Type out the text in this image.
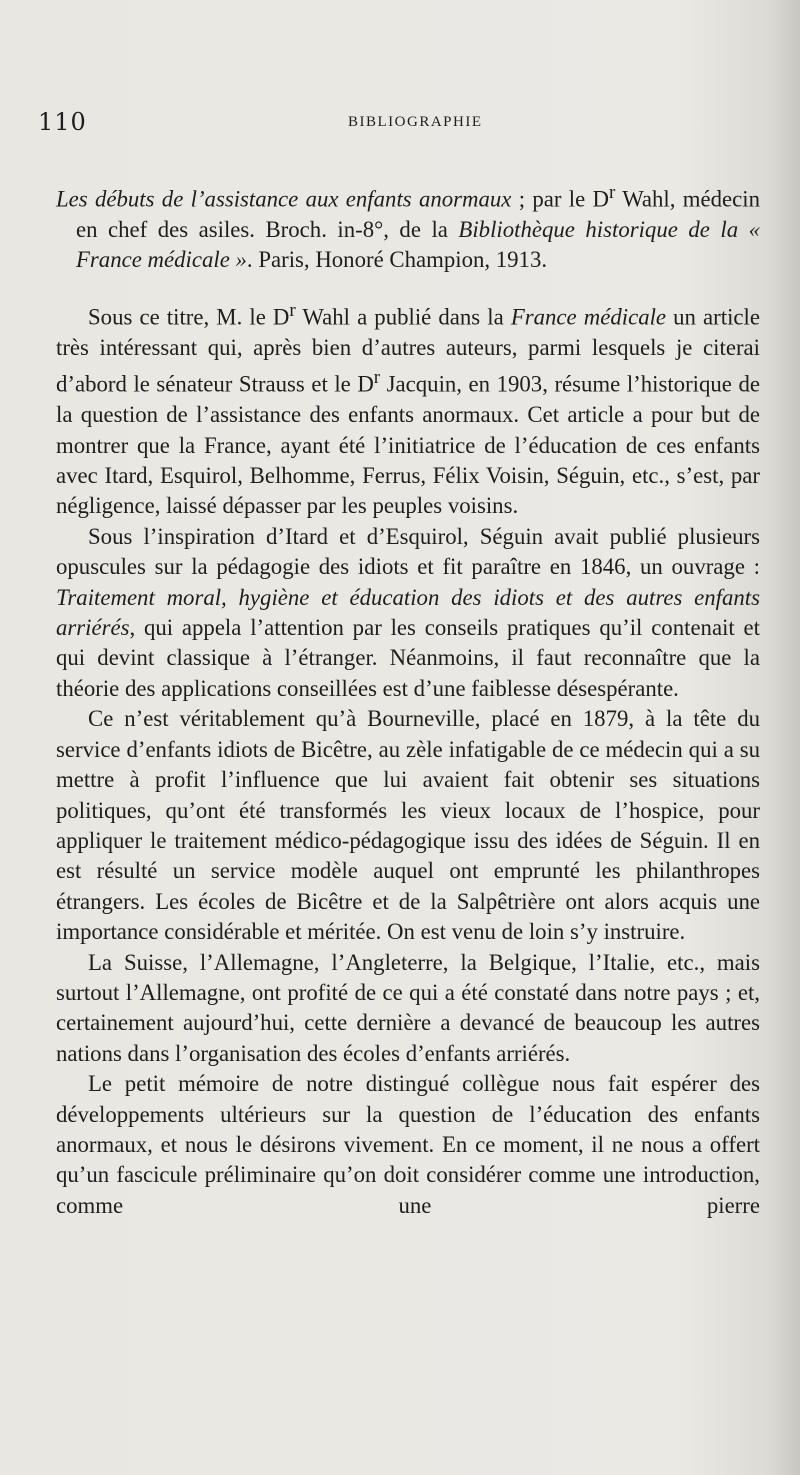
110	BIBLIOGRAPHIE

Les débuts de l’assistance aux enfants anormaux ; par le $D^r$ Wahl, médecin en chef des asiles. Broch. in-8°, de la Bibliothèque historique de la « France médicale ». Paris, Honoré Champion, 1913.

Sous ce titre, M. le $D^r$ Wahl a publié dans la France médicale un article très intéressant qui, après bien d’autres auteurs, parmi lesquels je citerai d’abord le sénateur Strauss et le $D^r$ Jacquin, en 1903, résume l’historique de la question de l’assistance des enfants anormaux. Cet article a pour but de montrer que la France, ayant été l’initiatrice de l’éducation de ces enfants avec Itard, Esquirol, Belhomme, Ferrus, Félix Voisin, Séguin, etc., s’est, par négligence, laissé dépasser par les peuples voisins.

Sous l’inspiration d’Itard et d’Esquirol, Séguin avait publié plusieurs opuscules sur la pédagogie des idiots et fit paraître en 1846, un ouvrage : Traitement moral, hygiène et éducation des idiots et des autres enfants arriérés, qui appela l’attention par les conseils pratiques qu’il contenait et qui devint classique à l’étranger. Néanmoins, il faut reconnaître que la théorie des applications conseillées est d’une faiblesse désespérante.

Ce n’est véritablement qu’à Bourneville, placé en 1879, à la tête du service d’enfants idiots de Bicêtre, au zèle infatigable de ce médecin qui a su mettre à profit l’influence que lui avaient fait obtenir ses situations politiques, qu’ont été transformés les vieux locaux de l’hospice, pour appliquer le traitement médico-pédagogique issu des idées de Séguin. Il en est résulté un service modèle auquel ont emprunté les philanthropes étrangers. Les écoles de Bicêtre et de la Salpêtrière ont alors acquis une importance considérable et méritée. On est venu de loin s’y instruire.

La Suisse, l’Allemagne, l’Angleterre, la Belgique, l’Italie, etc., mais surtout l’Allemagne, ont profité de ce qui a été constaté dans notre pays ; et, certainement aujourd’hui, cette dernière a devancé de beaucoup les autres nations dans l’organisation des écoles d’enfants arriérés.

Le petit mémoire de notre distingué collègue nous fait espérer des développements ultérieurs sur la question de l’éducation des enfants anormaux, et nous le désirons vivement. En ce moment, il ne nous a offert qu’un fascicule préliminaire qu’on doit considérer comme une introduction, comme une pierre
